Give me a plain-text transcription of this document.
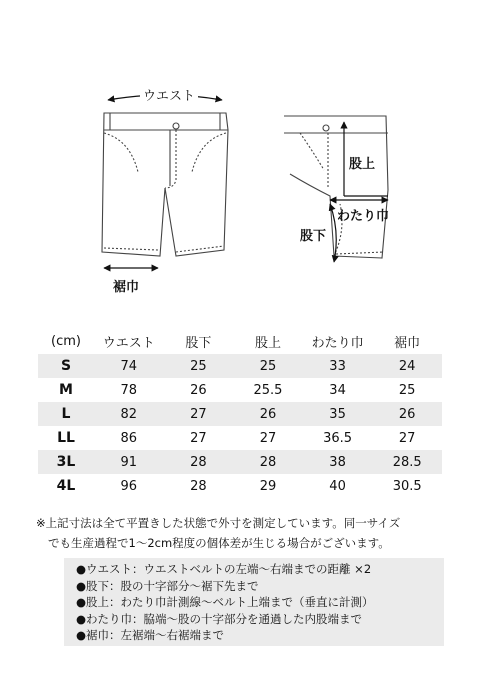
ウエスト
裾巾
股上
わたり巾
股下
(cm)	ウエスト	股下	股上	わたり巾	裾巾
S	74	25	25	33	24
M	78	26	25.5	34	25
L	82	27	26	35	26
LL	86	27	27	36.5	27
3L	91	28	28	38	28.5
4L	96	28	29	40	30.5

※上記寸法は全て平置きした状態で外寸を測定しています。同一サイズ

でも生産過程で1〜2cm程度の個体差が生じる場合がございます。

●ウエスト：ウエストベルトの左端〜右端までの距離 ×2

●股下：股の十字部分〜裾下先まで

●股上：わたり巾計測線〜ベルト上端まで（垂直に計測）

●わたり巾：脇端〜股の十字部分を通過した内股端まで

●裾巾：左裾端〜右裾端まで
